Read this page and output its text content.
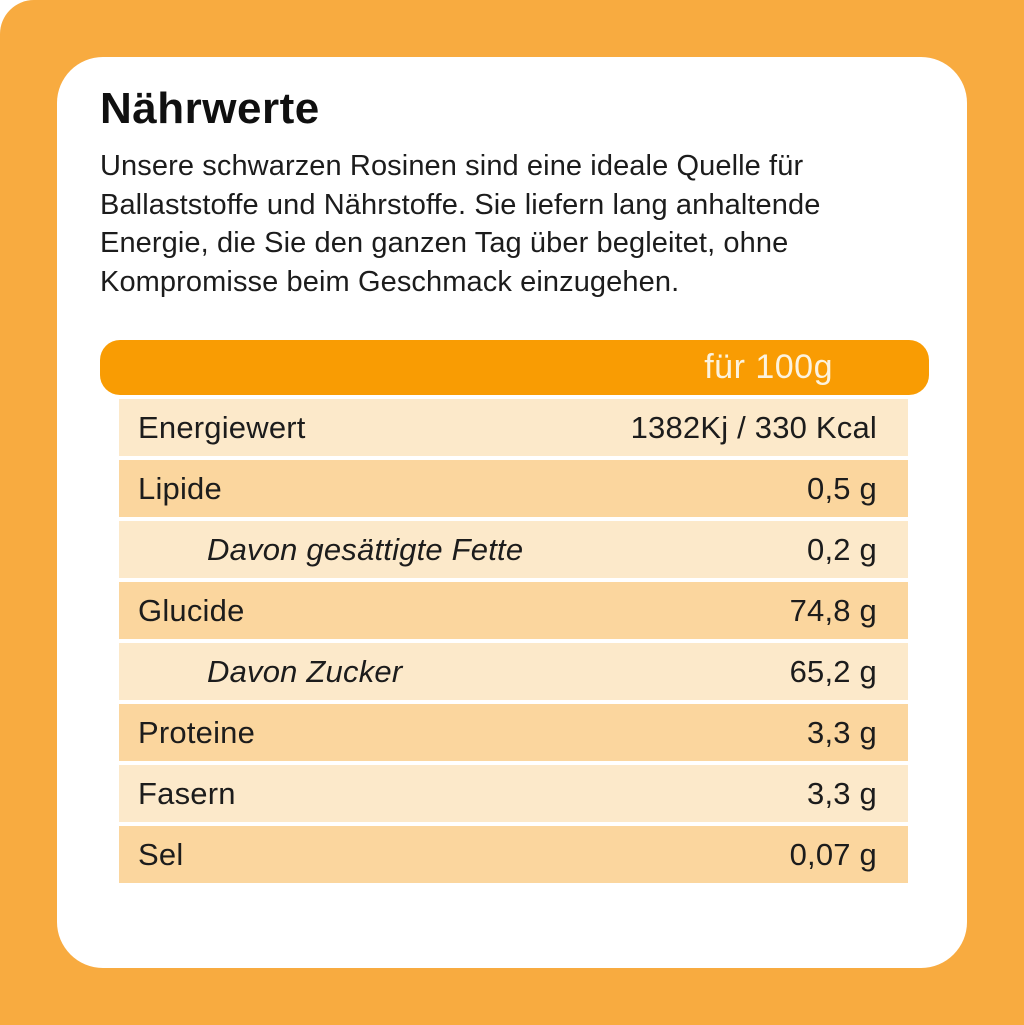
Nährwerte

Unsere schwarzen Rosinen sind eine ideale Quelle für Ballaststoffe und Nährstoffe. Sie liefern lang anhaltende Energie, die Sie den ganzen Tag über begleitet, ohne Kompromisse beim Geschmack einzugehen.

für 100g
Energiewert	1382Kj / 330 Kcal
Lipide	0,5 g
Davon gesättigte Fette	0,2 g
Glucide	74,8 g
Davon Zucker	65,2 g
Proteine	3,3 g
Fasern	3,3 g
Sel	0,07 g
